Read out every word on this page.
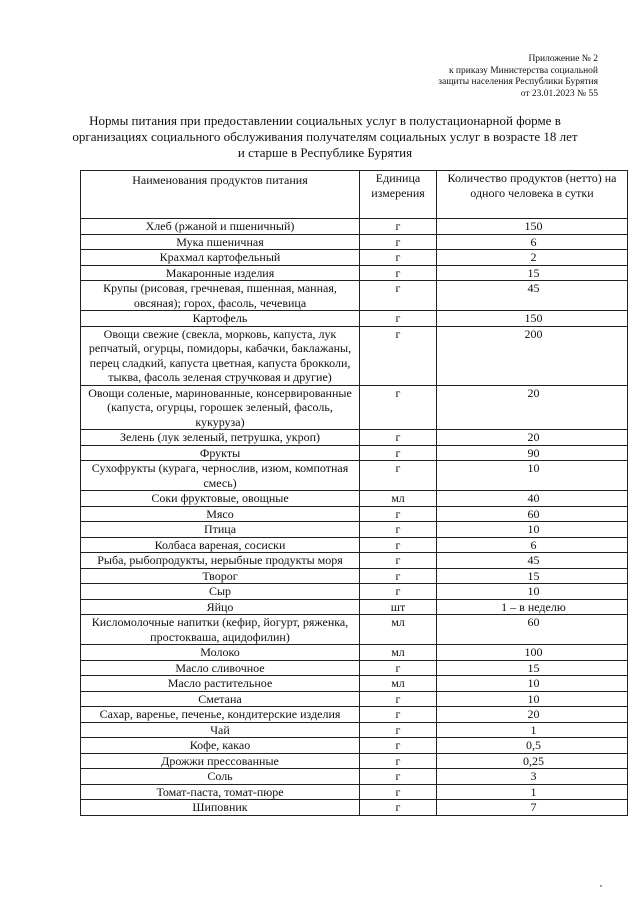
Приложение № 2
к приказу Министерства социальной
защиты населения Республики Бурятия
от 23.01.2023 № 55
Нормы питания при предоставлении социальных услуг в полустационарной форме в организациях социального обслуживания получателям социальных услуг в возрасте 18 лет и старше в Республике Бурятия
Наименования продуктов питания	Единица измерения	Количество продуктов (нетто) на одного человека в сутки
Хлеб (ржаной и пшеничный)	г	150
Мука пшеничная	г	6
Крахмал картофельный	г	2
Макаронные изделия	г	15
Крупы (рисовая, гречневая, пшенная, манная, овсяная); горох, фасоль, чечевица	г	45
Картофель	г	150
Овощи свежие (свекла, морковь, капуста, лук репчатый, огурцы, помидоры, кабачки, баклажаны, перец сладкий, капуста цветная, капуста брокколи, тыква, фасоль зеленая стручковая и другие)	г	200
Овощи соленые, маринованные, консервированные (капуста, огурцы, горошек зеленый, фасоль, кукуруза)	г	20
Зелень (лук зеленый, петрушка, укроп)	г	20
Фрукты	г	90
Сухофрукты (курага, чернослив, изюм, компотная смесь)	г	10
Соки фруктовые, овощные	мл	40
Мясо	г	60
Птица	г	10
Колбаса вареная, сосиски	г	6
Рыба, рыбопродукты, нерыбные продукты моря	г	45
Творог	г	15
Сыр	г	10
Яйцо	шт	1 – в неделю
Кисломолочные напитки (кефир, йогурт, ряженка, простокваша, ацидофилин)	мл	60
Молоко	мл	100
Масло сливочное	г	15
Масло растительное	мл	10
Сметана	г	10
Сахар, варенье, печенье, кондитерские изделия	г	20
Чай	г	1
Кофе, какао	г	0,5
Дрожжи прессованные	г	0,25
Соль	г	3
Томат-паста, томат-пюре	г	1
Шиповник	г	7
